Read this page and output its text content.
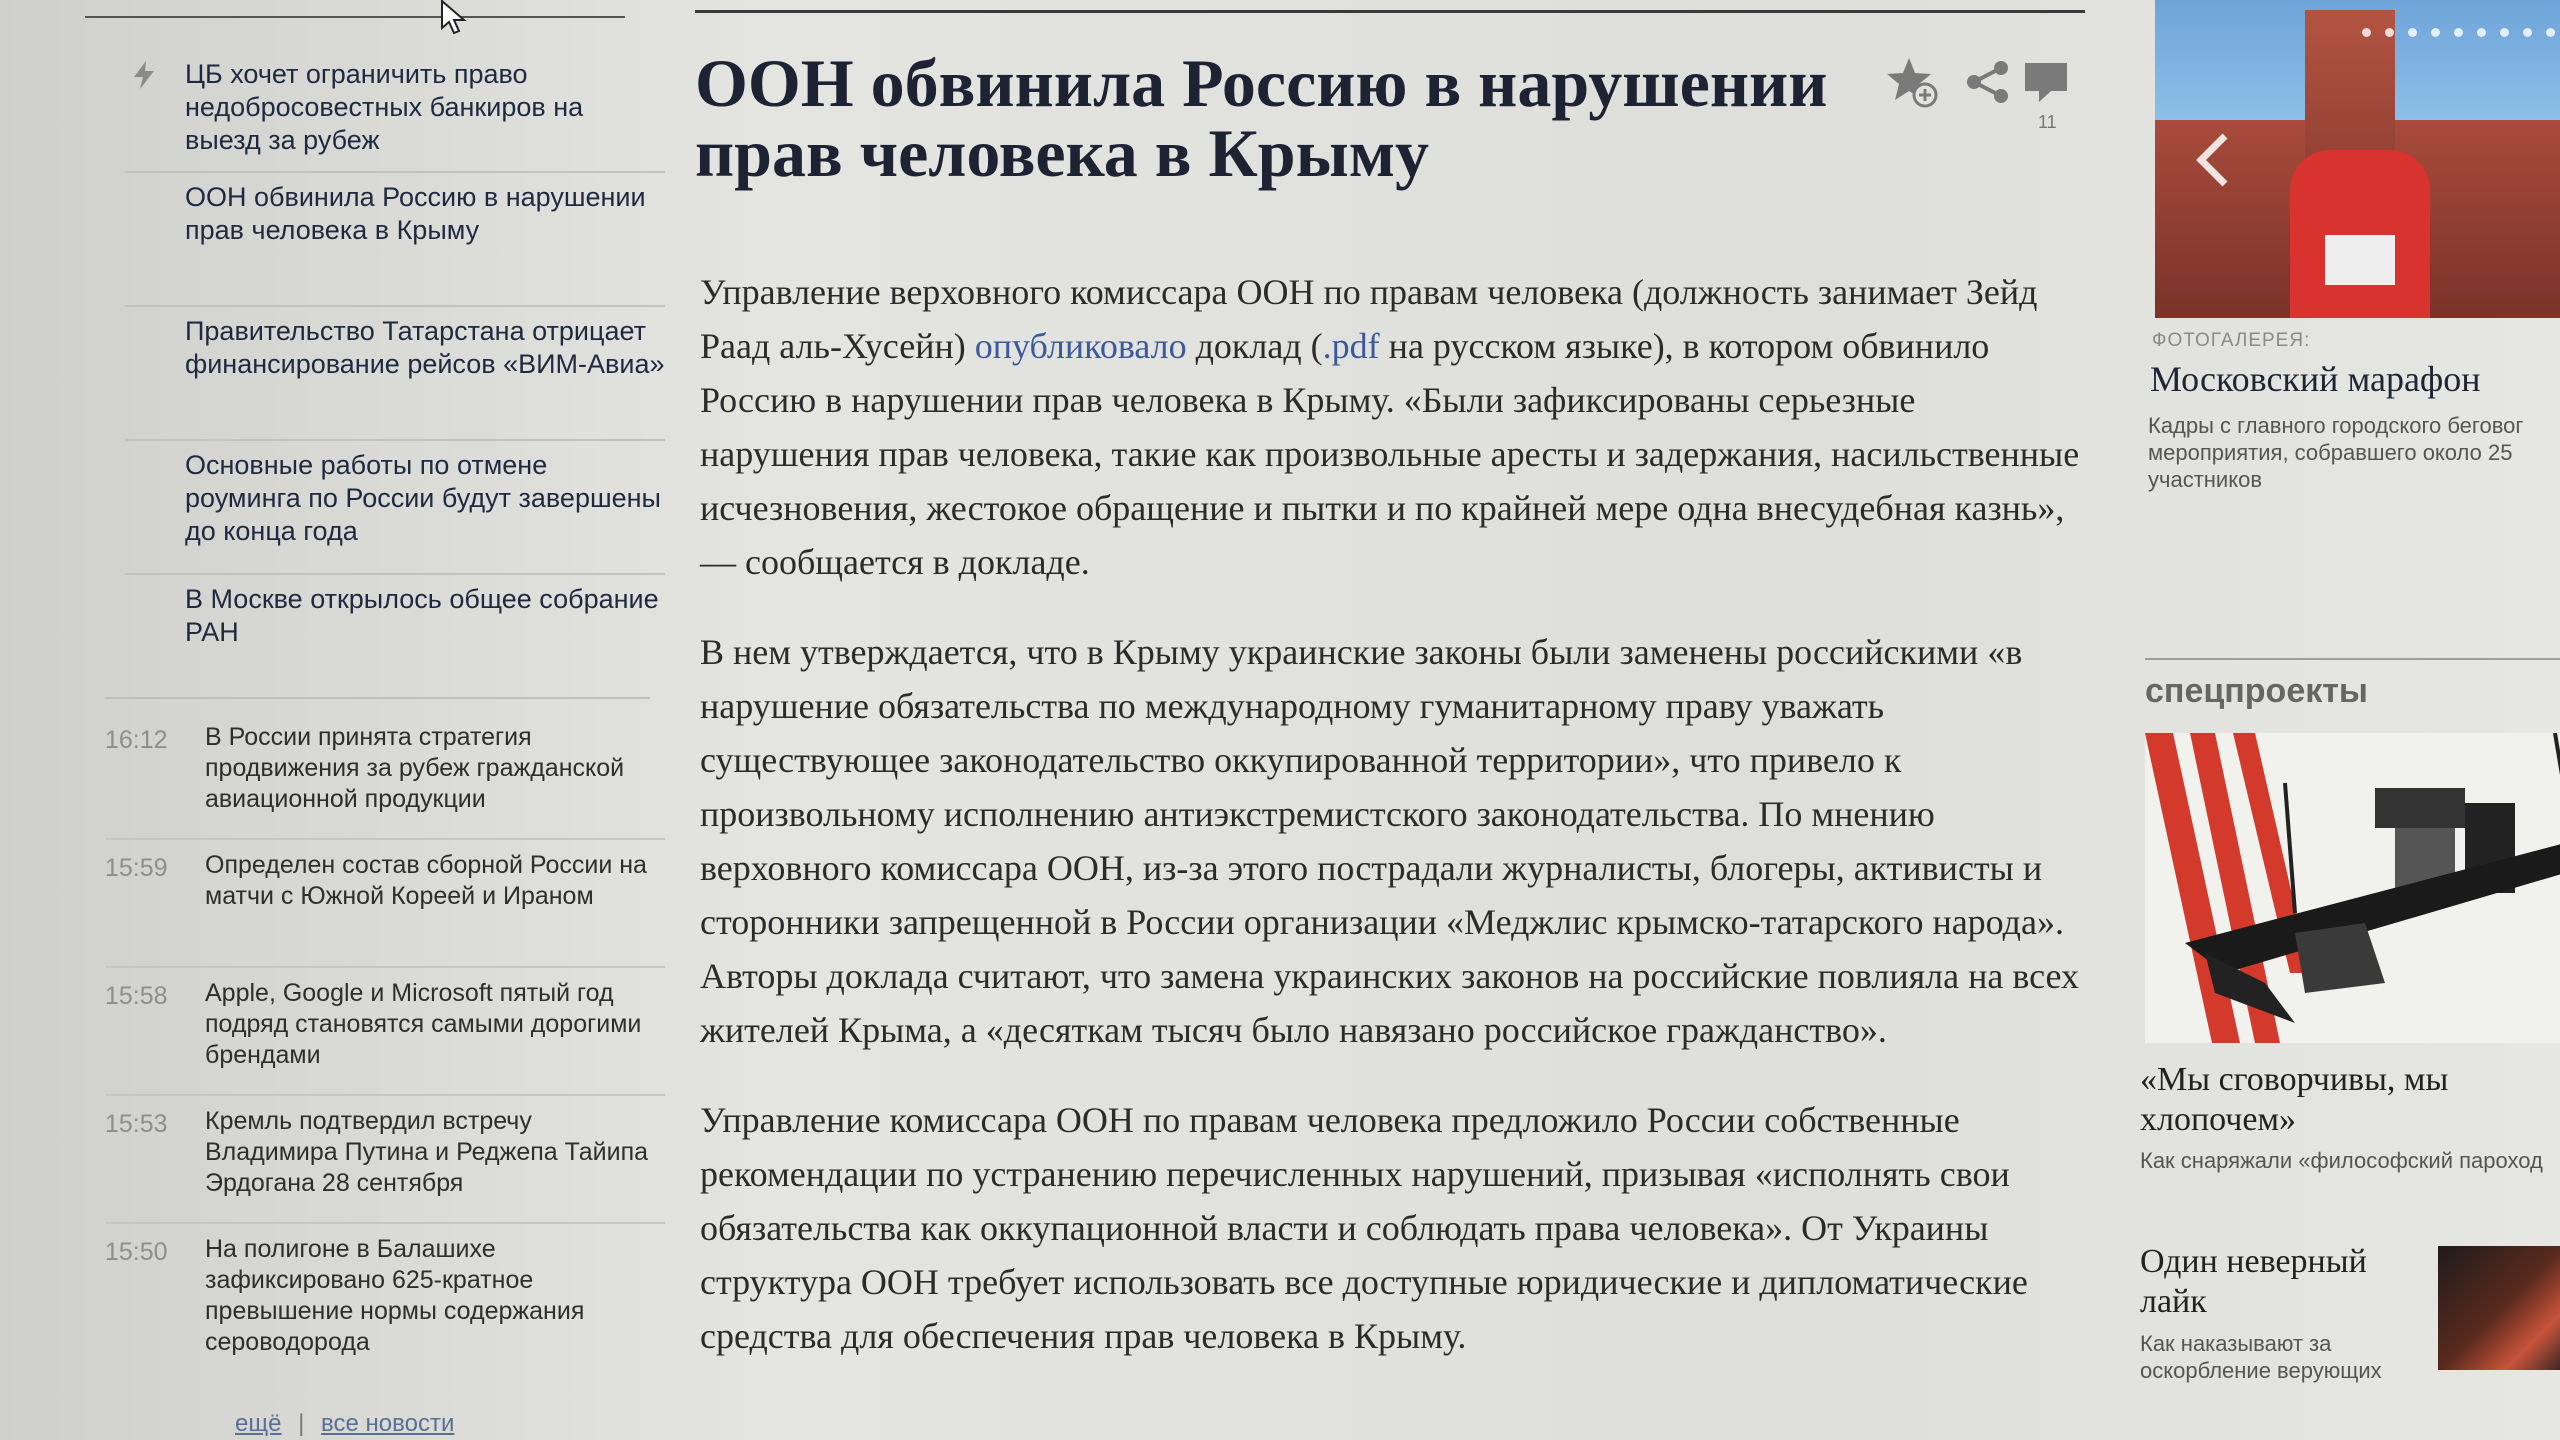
ЦБ хочет ограничить право недобросовестных банкиров на выезд за рубеж
ООН обвинила Россию в нарушении прав человека в Крыму
Правительство Татарстана отрицает финансирование рейсов «ВИМ-Авиа»
Основные работы по отмене роуминга по России будут завершены до конца года
В Москве открылось общее собрание РАН
16:12	В России принята стратегия продвижения за рубеж гражданской авиационной продукции
15:59	Определен состав сборной России на матчи с Южной Кореей и Ираном
15:58	Apple, Google и Microsoft пятый год подряд становятся самыми дорогими брендами
15:53	Кремль подтвердил встречу Владимира Путина и Реджепа Тайипа Эрдогана 28 сентября
15:50	На полигоне в Балашихе зафиксировано 625-кратное превышение нормы содержания сероводорода
ещё | все новости
ООН обвинила Россию в нарушении прав человека в Крыму	11

Управление верховного комиссара ООН по правам человека (должность занимает Зейд Раад аль-Хусейн) опубликовало доклад (.pdf на русском языке), в котором обвинило Россию в нарушении прав человека в Крыму. «Были зафиксированы серьезные нарушения прав человека, такие как произвольные аресты и задержания, насильственные исчезновения, жестокое обращение и пытки и по крайней мере одна внесудебная казнь»,— сообщается в докладе.

В нем утверждается, что в Крыму украинские законы были заменены российскими «в нарушение обязательства по международному гуманитарному праву уважать существующее законодательство оккупированной территории», что привело к произвольному исполнению антиэкстремистского законодательства. По мнению верховного комиссара ООН, из-за этого пострадали журналисты, блогеры, активисты и сторонники запрещенной в России организации «Меджлис крымско-татарского народа». Авторы доклада считают, что замена украинских законов на российские повлияла на всех жителей Крыма, а «десяткам тысяч было навязано российское гражданство».

Управление комиссара ООН по правам человека предложило России собственные рекомендации по устранению перечисленных нарушений, призывая «исполнять свои обязательства как оккупационной власти и соблюдать права человека». От Украины структура ООН требует использовать все доступные юридические и дипломатические средства для обеспечения прав человека в Крыму.

ФОТОГАЛЕРЕЯ:
Московский марафон
Кадры с главного городского беговог мероприятия, собравшего около 25 участников
спецпроекты
«Мы сговорчивы, мы хлопочем»
Как снаряжали «философский пароход
Один неверный лайк
Как наказывают за оскорбление верующих
